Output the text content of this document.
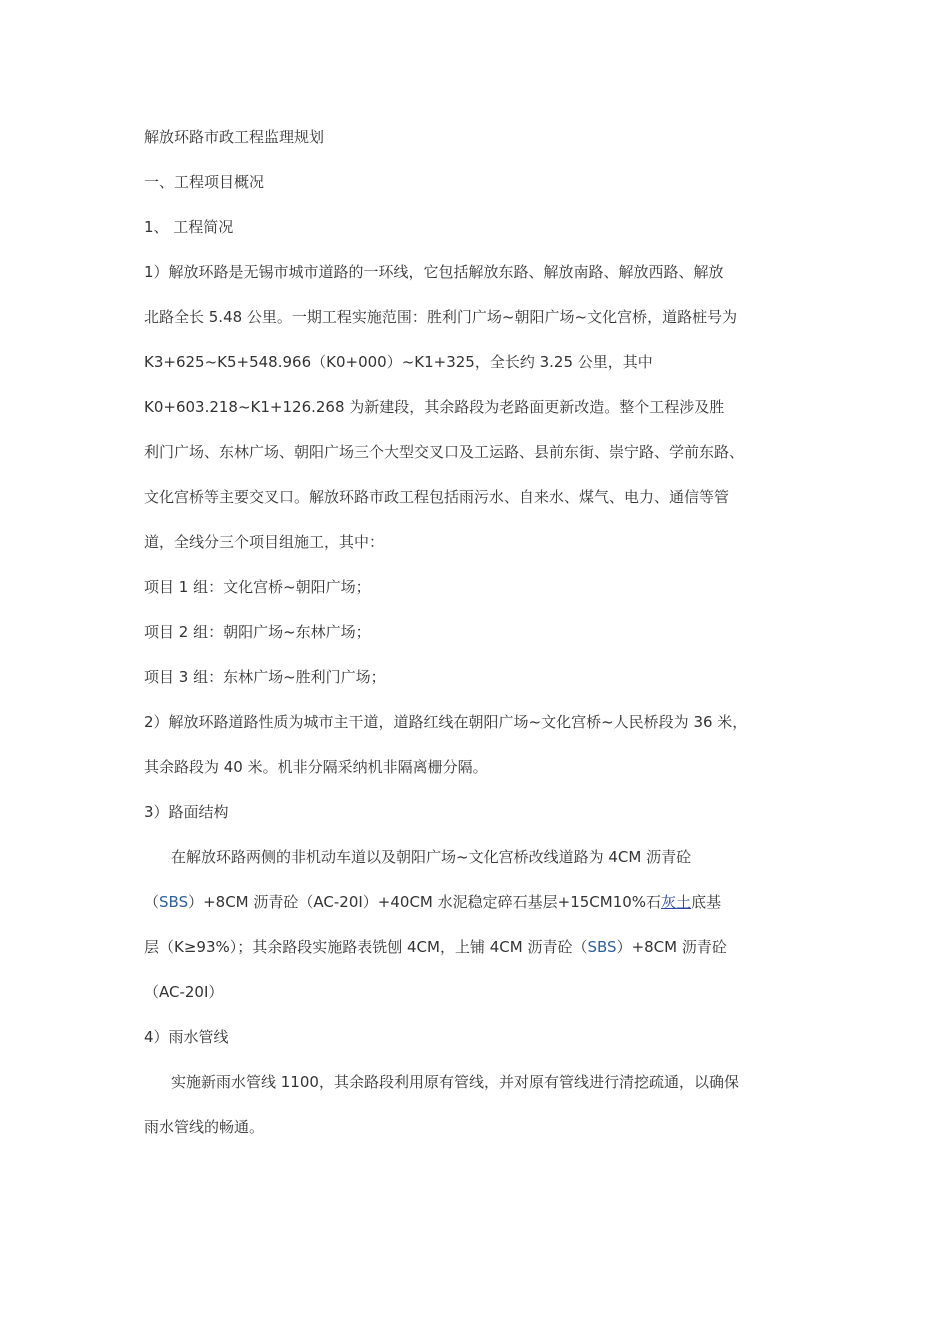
解放环路市政工程监理规划
一、工程项目概况
1、 工程简况
1）解放环路是无锡市城市道路的一环线，它包括解放东路、解放南路、解放西路、解放
北路全长 5.48 公里。一期工程实施范围：胜利门广场~朝阳广场~文化宫桥，道路桩号为
K3+625~K5+548.966（K0+000）~K1+325，全长约 3.25 公里，其中
K0+603.218~K1+126.268 为新建段，其余路段为老路面更新改造。整个工程涉及胜
利门广场、东林广场、朝阳广场三个大型交叉口及工运路、县前东街、崇宁路、学前东路、
文化宫桥等主要交叉口。解放环路市政工程包括雨污水、自来水、煤气、电力、通信等管
道，全线分三个项目组施工，其中：
项目 1 组：文化宫桥~朝阳广场；
项目 2 组：朝阳广场~东林广场；
项目 3 组：东林广场~胜利门广场；
2）解放环路道路性质为城市主干道，道路红线在朝阳广场~文化宫桥~人民桥段为 36 米，
其余路段为 40 米。机非分隔采纳机非隔离栅分隔。
3）路面结构
在解放环路两侧的非机动车道以及朝阳广场~文化宫桥改线道路为 4CM 沥青砼
（SBS）+8CM 沥青砼（AC-20Ⅰ）+40CM 水泥稳定碎石基层+15CM10%石灰土底基
层（K≥93%）；其余路段实施路表铣刨 4CM，上铺 4CM 沥青砼（SBS）+8CM 沥青砼
（AC-20Ⅰ）
4）雨水管线
实施新雨水管线 1100，其余路段利用原有管线，并对原有管线进行清挖疏通，以确保
雨水管线的畅通。
